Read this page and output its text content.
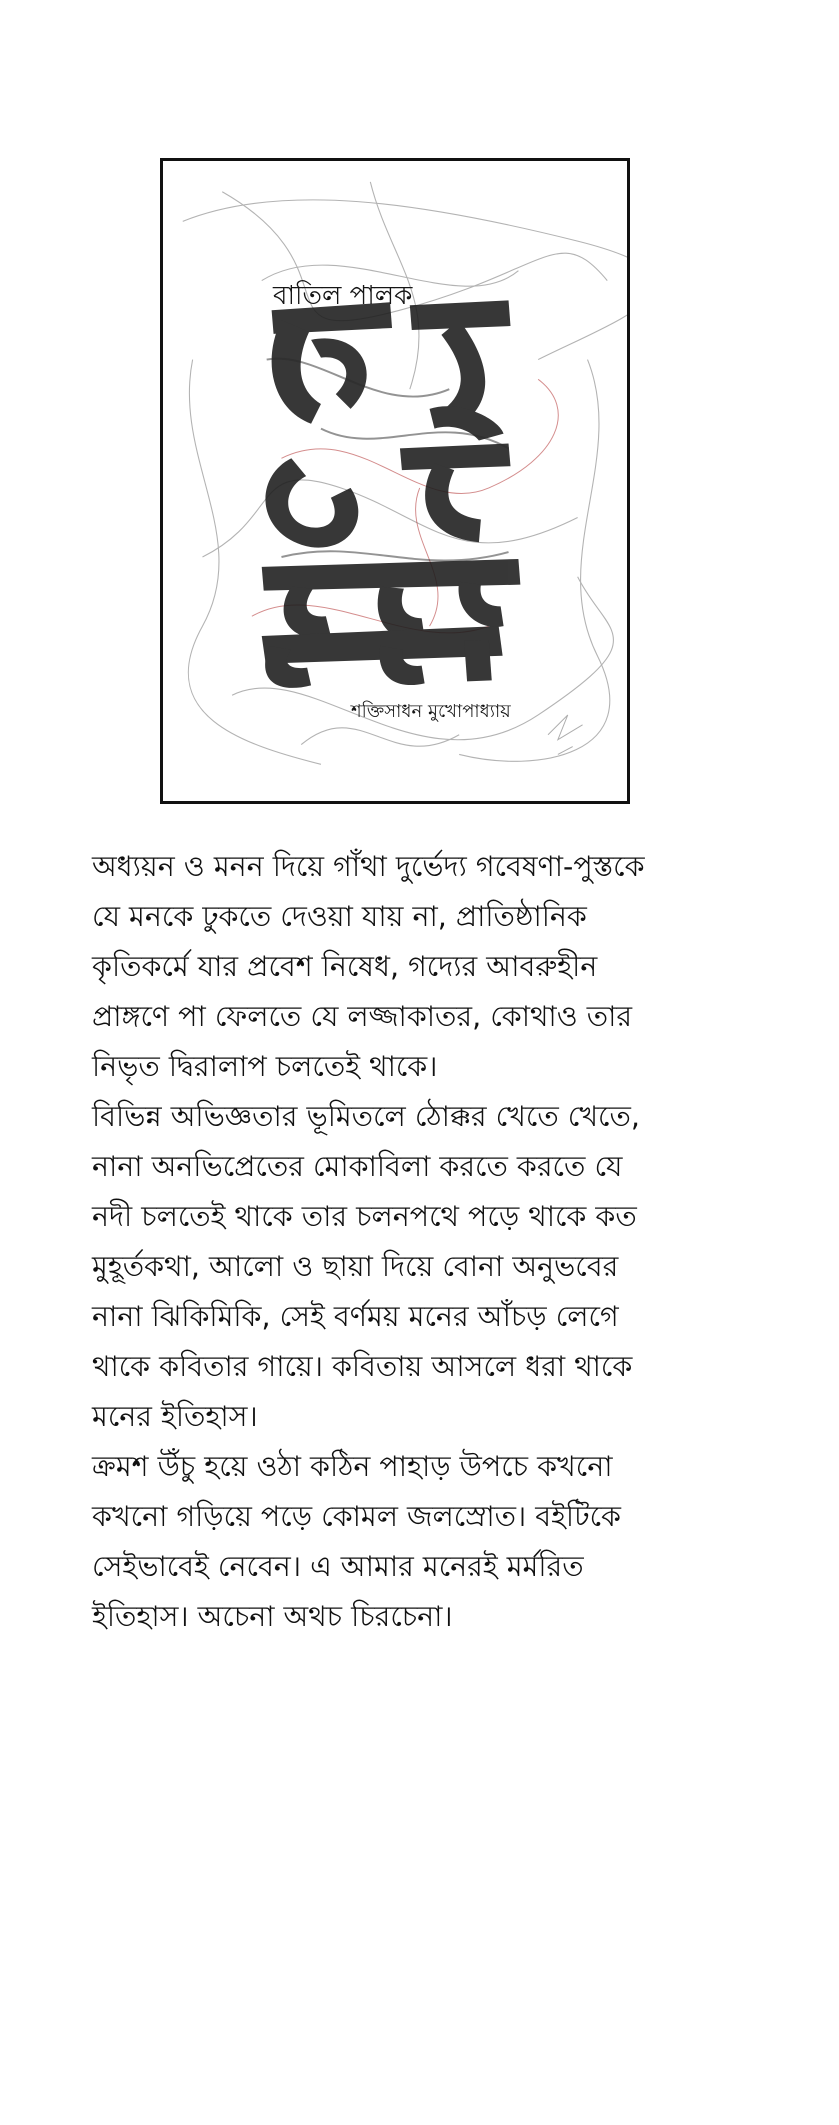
বাতিল পালক
শক্তিসাধন মুখোপাধ্যায়

অধ্যয়ন ও মনন দিয়ে গাঁথা দুর্ভেদ্য গবেষণা-পুস্তকে
যে মনকে ঢুকতে দেওয়া যায় না, প্রাতিষ্ঠানিক
কৃতিকর্মে যার প্রবেশ নিষেধ, গদ্যের আবরুহীন
প্রাঙ্গণে পা ফেলতে যে লজ্জাকাতর, কোথাও তার
নিভৃত দ্বিরালাপ চলতেই থাকে।

বিভিন্ন অভিজ্ঞতার ভূমিতলে ঠোক্কর খেতে খেতে,
নানা অনভিপ্রেতের মোকাবিলা করতে করতে যে
নদী চলতেই থাকে তার চলনপথে পড়ে থাকে কত
মুহূর্তকথা, আলো ও ছায়া দিয়ে বোনা অনুভবের
নানা ঝিকিমিকি, সেই বর্ণময় মনের আঁচড় লেগে
থাকে কবিতার গায়ে। কবিতায় আসলে ধরা থাকে
মনের ইতিহাস।

ক্রমশ উঁচু হয়ে ওঠা কঠিন পাহাড় উপচে কখনো
কখনো গড়িয়ে পড়ে কোমল জলস্রোত। বইটিকে
সেইভাবেই নেবেন। এ আমার মনেরই মর্মরিত
ইতিহাস। অচেনা অথচ চিরচেনা।
